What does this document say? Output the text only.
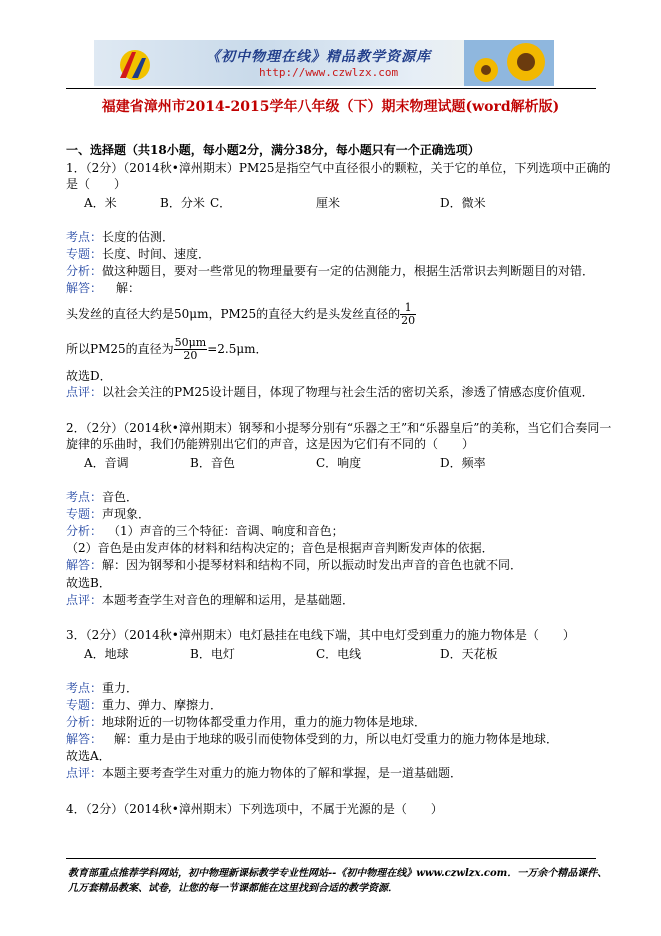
《初中物理在线》精品教学资源库
http://www.czwlzx.com
福建省漳州市2014-2015学年八年级（下）期末物理试题(word解析版)
一、选择题（共18小题，每小题2分，满分38分，每小题只有一个正确选项）
1．（2分）（2014秋•漳州期末）PM25是指空气中直径很小的颗粒，关于它的单位，下列选项中正确的
是（　　）
A．米	B．分米 C．	厘米	D．微米
考点：长度的估测．
专题：长度、时间、速度．
分析：做这种题目，要对一些常见的物理量要有一定的估测能力，根据生活常识去判断题目的对错．
解答： 解：
头发丝的直径大约是50μm，PM25的直径大约是头发丝直径的 $\frac{1}{20}$
所以PM25的直径为 $\frac{50\mu m}{20} =2.5\mu m$．
故选D．
点评：以社会关注的PM25设计题目，体现了物理与社会生活的密切关系，渗透了情感态度价值观．
2．（2分）（2014秋•漳州期末）钢琴和小提琴分别有“乐器之王”和“乐器皇后”的美称，当它们合奏同一
旋律的乐曲时，我们仍能辨别出它们的声音，这是因为它们有不同的（　　）
A．音调	B．音色	C．响度	D．频率
考点：音色．
专题：声现象．
分析： （1）声音的三个特征：音调、响度和音色；
（2）音色是由发声体的材料和结构决定的；音色是根据声音判断发声体的依据．
解答：解：因为钢琴和小提琴材料和结构不同，所以振动时发出声音的音色也就不同．
故选B．
点评：本题考查学生对音色的理解和运用，是基础题．
3．（2分）（2014秋•漳州期末）电灯悬挂在电线下端，其中电灯受到重力的施力物体是（　　）
A．地球	B．电灯	C．电线	D．天花板
考点：重力．
专题：重力、弹力、摩擦力．
分析：地球附近的一切物体都受重力作用，重力的施力物体是地球．
解答： 解：重力是由于地球的吸引而使物体受到的力，所以电灯受重力的施力物体是地球．
故选A．
点评：本题主要考查学生对重力的施力物体的了解和掌握，是一道基础题．
4．（2分）（2014秋•漳州期末）下列选项中，不属于光源的是（　　）
教育部重点推荐学科网站，初中物理新课标教学专业性网站--《初中物理在线》www.czwlzx.com．一万余个精品课件、
几万套精品教案、试卷，让您的每一节课都能在这里找到合适的教学资源．
